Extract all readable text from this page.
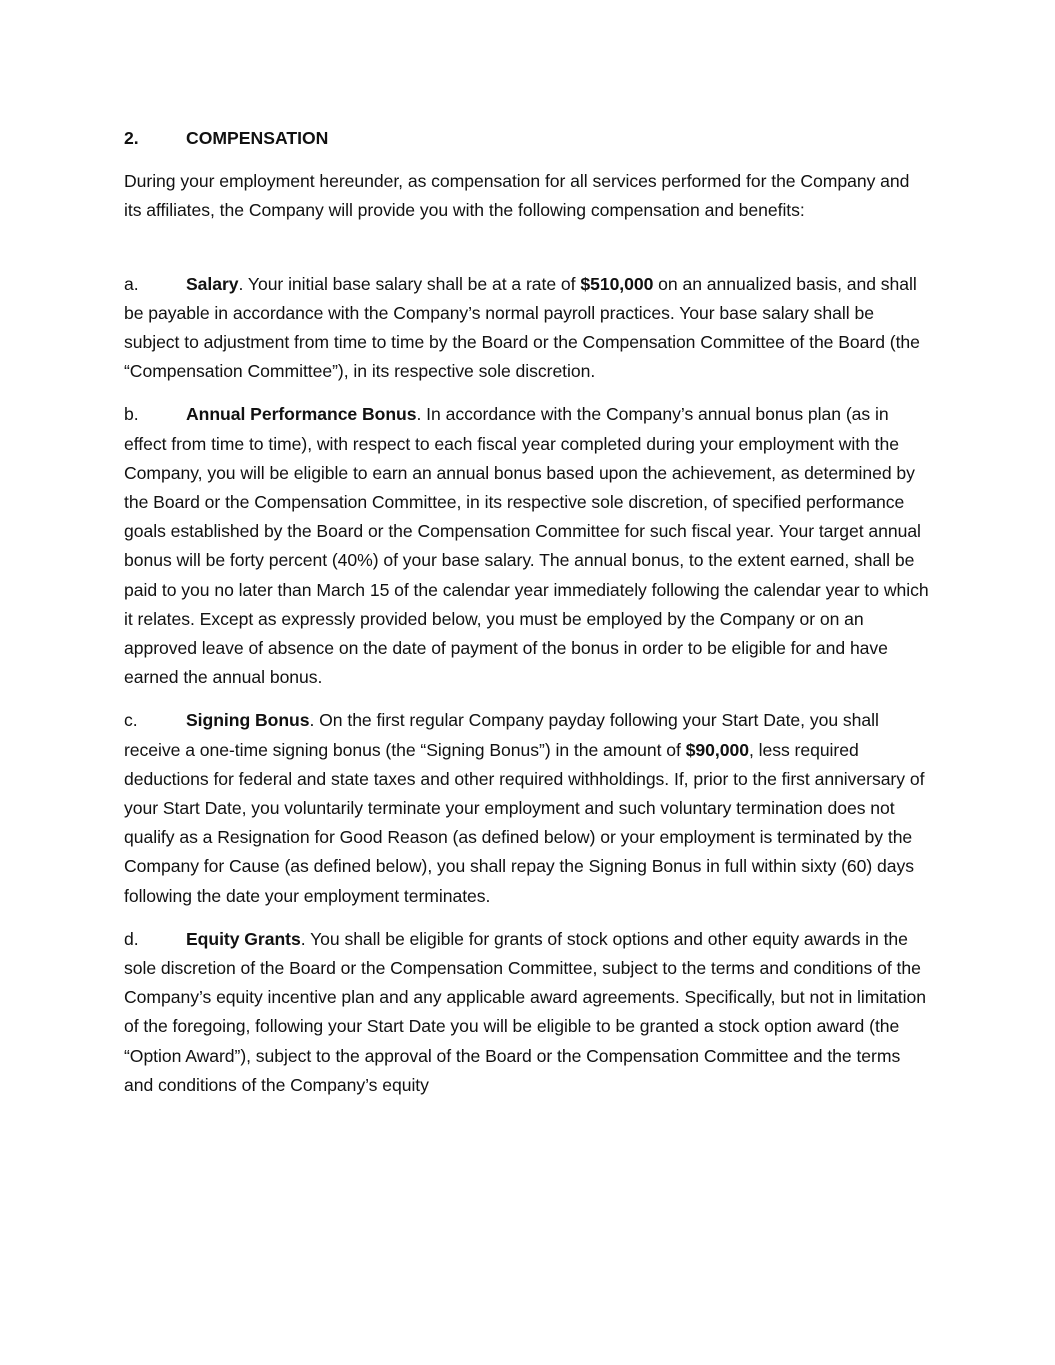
2.	COMPENSATION

During your employment hereunder, as compensation for all services performed for the Company and its affiliates, the Company will provide you with the following compensation and benefits:

a.	Salary. Your initial base salary shall be at a rate of $510,000 on an annualized basis, and shall be payable in accordance with the Company’s normal payroll practices. Your base salary shall be subject to adjustment from time to time by the Board or the Compensation Committee of the Board (the “Compensation Committee”), in its respective sole discretion.

b.	Annual Performance Bonus. In accordance with the Company’s annual bonus plan (as in effect from time to time), with respect to each fiscal year completed during your employment with the Company, you will be eligible to earn an annual bonus based upon the achievement, as determined by the Board or the Compensation Committee, in its respective sole discretion, of specified performance goals established by the Board or the Compensation Committee for such fiscal year. Your target annual bonus will be forty percent (40%) of your base salary. The annual bonus, to the extent earned, shall be paid to you no later than March 15 of the calendar year immediately following the calendar year to which it relates. Except as expressly provided below, you must be employed by the Company or on an approved leave of absence on the date of payment of the bonus in order to be eligible for and have earned the annual bonus.

c.	Signing Bonus. On the first regular Company payday following your Start Date, you shall receive a one-time signing bonus (the “Signing Bonus”) in the amount of $90,000, less required deductions for federal and state taxes and other required withholdings. If, prior to the first anniversary of your Start Date, you voluntarily terminate your employment and such voluntary termination does not qualify as a Resignation for Good Reason (as defined below) or your employment is terminated by the Company for Cause (as defined below), you shall repay the Signing Bonus in full within sixty (60) days following the date your employment terminates.

d.	Equity Grants. You shall be eligible for grants of stock options and other equity awards in the sole discretion of the Board or the Compensation Committee, subject to the terms and conditions of the Company’s equity incentive plan and any applicable award agreements. Specifically, but not in limitation of the foregoing, following your Start Date you will be eligible to be granted a stock option award (the “Option Award”), subject to the approval of the Board or the Compensation Committee and the terms and conditions of the Company’s equity
